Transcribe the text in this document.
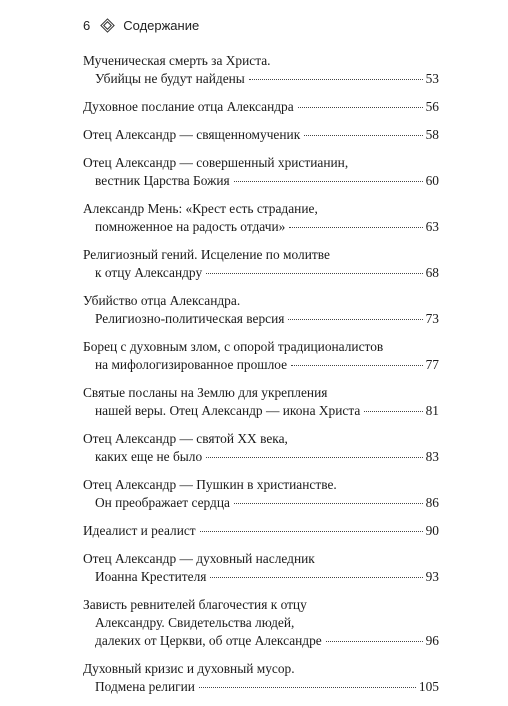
6	Содержание
Мученическая смерть за Христа.
Убийцы не будут найдены	53
Духовное послание отца Александра	56
Отец Александр — священномученик	58
Отец Александр — совершенный христианин,
вестник Царства Божия	60
Александр Мень: «Крест есть страдание,
помноженное на радость отдачи»	63
Религиозный гений. Исцеление по молитве
к отцу Александру	68
Убийство отца Александра.
Религиозно-политическая версия	73
Борец с духовным злом, с опорой традиционалистов
на мифологизированное прошлое	77
Святые посланы на Землю для укрепления
нашей веры. Отец Александр — икона Христа	81
Отец Александр — святой XX века,
каких еще не было	83
Отец Александр — Пушкин в христианстве.
Он преображает сердца	86
Идеалист и реалист	90
Отец Александр — духовный наследник
Иоанна Крестителя	93
Зависть ревнителей благочестия к отцу
Александру. Свидетельства людей,
далеких от Церкви, об отце Александре	96
Духовный кризис и духовный мусор.
Подмена религии	105
